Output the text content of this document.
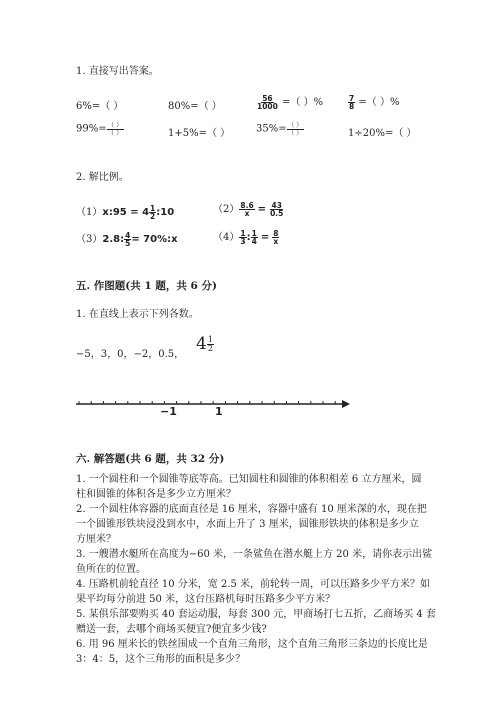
1. 直接写出答案。
6%=（ ）	80%=（ ）	$\frac{56}{1000}$ =（ ）%	$\frac{7}{8}$ =（ ）%
$99\%= \frac{( )}{( )}$	1+5%=（ ）	$35\%= \frac{( )}{( )}$	1÷20%=（ ）
2. 解比例。
（1）x:95 = $4 \frac{1}{2}$ :10	$(2) \frac{8.6}{x} = \frac{43}{0.5}$
（3）2.8: $\frac{4}{5}$ = 70%:x	$(4) \frac{1}{3}$ : $\frac{1}{4} = \frac{8}{x}$
五. 作图题(共 1 题，共 6 分)
1. 在直线上表示下列各数。
−5，3，0，−2，0.5，
$4 \frac{1}{2}$
−1	1
六. 解答题(共 6 题，共 32 分)
1. 一个圆柱和一个圆锥等底等高。已知圆柱和圆锥的体积相差 6 立方厘米，圆
柱和圆锥的体积各是多少立方厘米？
2. 一个圆柱体容器的底面直径是 16 厘米，容器中盛有 10 厘米深的水，现在把
一个圆锥形铁块浸没到水中，水面上升了 3 厘米，圆锥形铁块的体积是多少立
方厘米？
3. 一艘潜水艇所在高度为−60 米，一条鲨鱼在潜水艇上方 20 米，请你表示出鲨
鱼所在的位置。
4. 压路机前轮直径 10 分米，宽 2.5 米，前轮转一周，可以压路多少平方米？如
果平均每分前进 50 米，这台压路机每时压路多少平方米？
5. 某俱乐部要购买 40 套运动服，每套 300 元，甲商场打七五折，乙商场买 4 套
赠送一套，去哪个商场买便宜?便宜多少钱?
6. 用 96 厘米长的铁丝围成一个直角三角形，这个直角三角形三条边的长度比是
3：4：5，这个三角形的面积是多少？
